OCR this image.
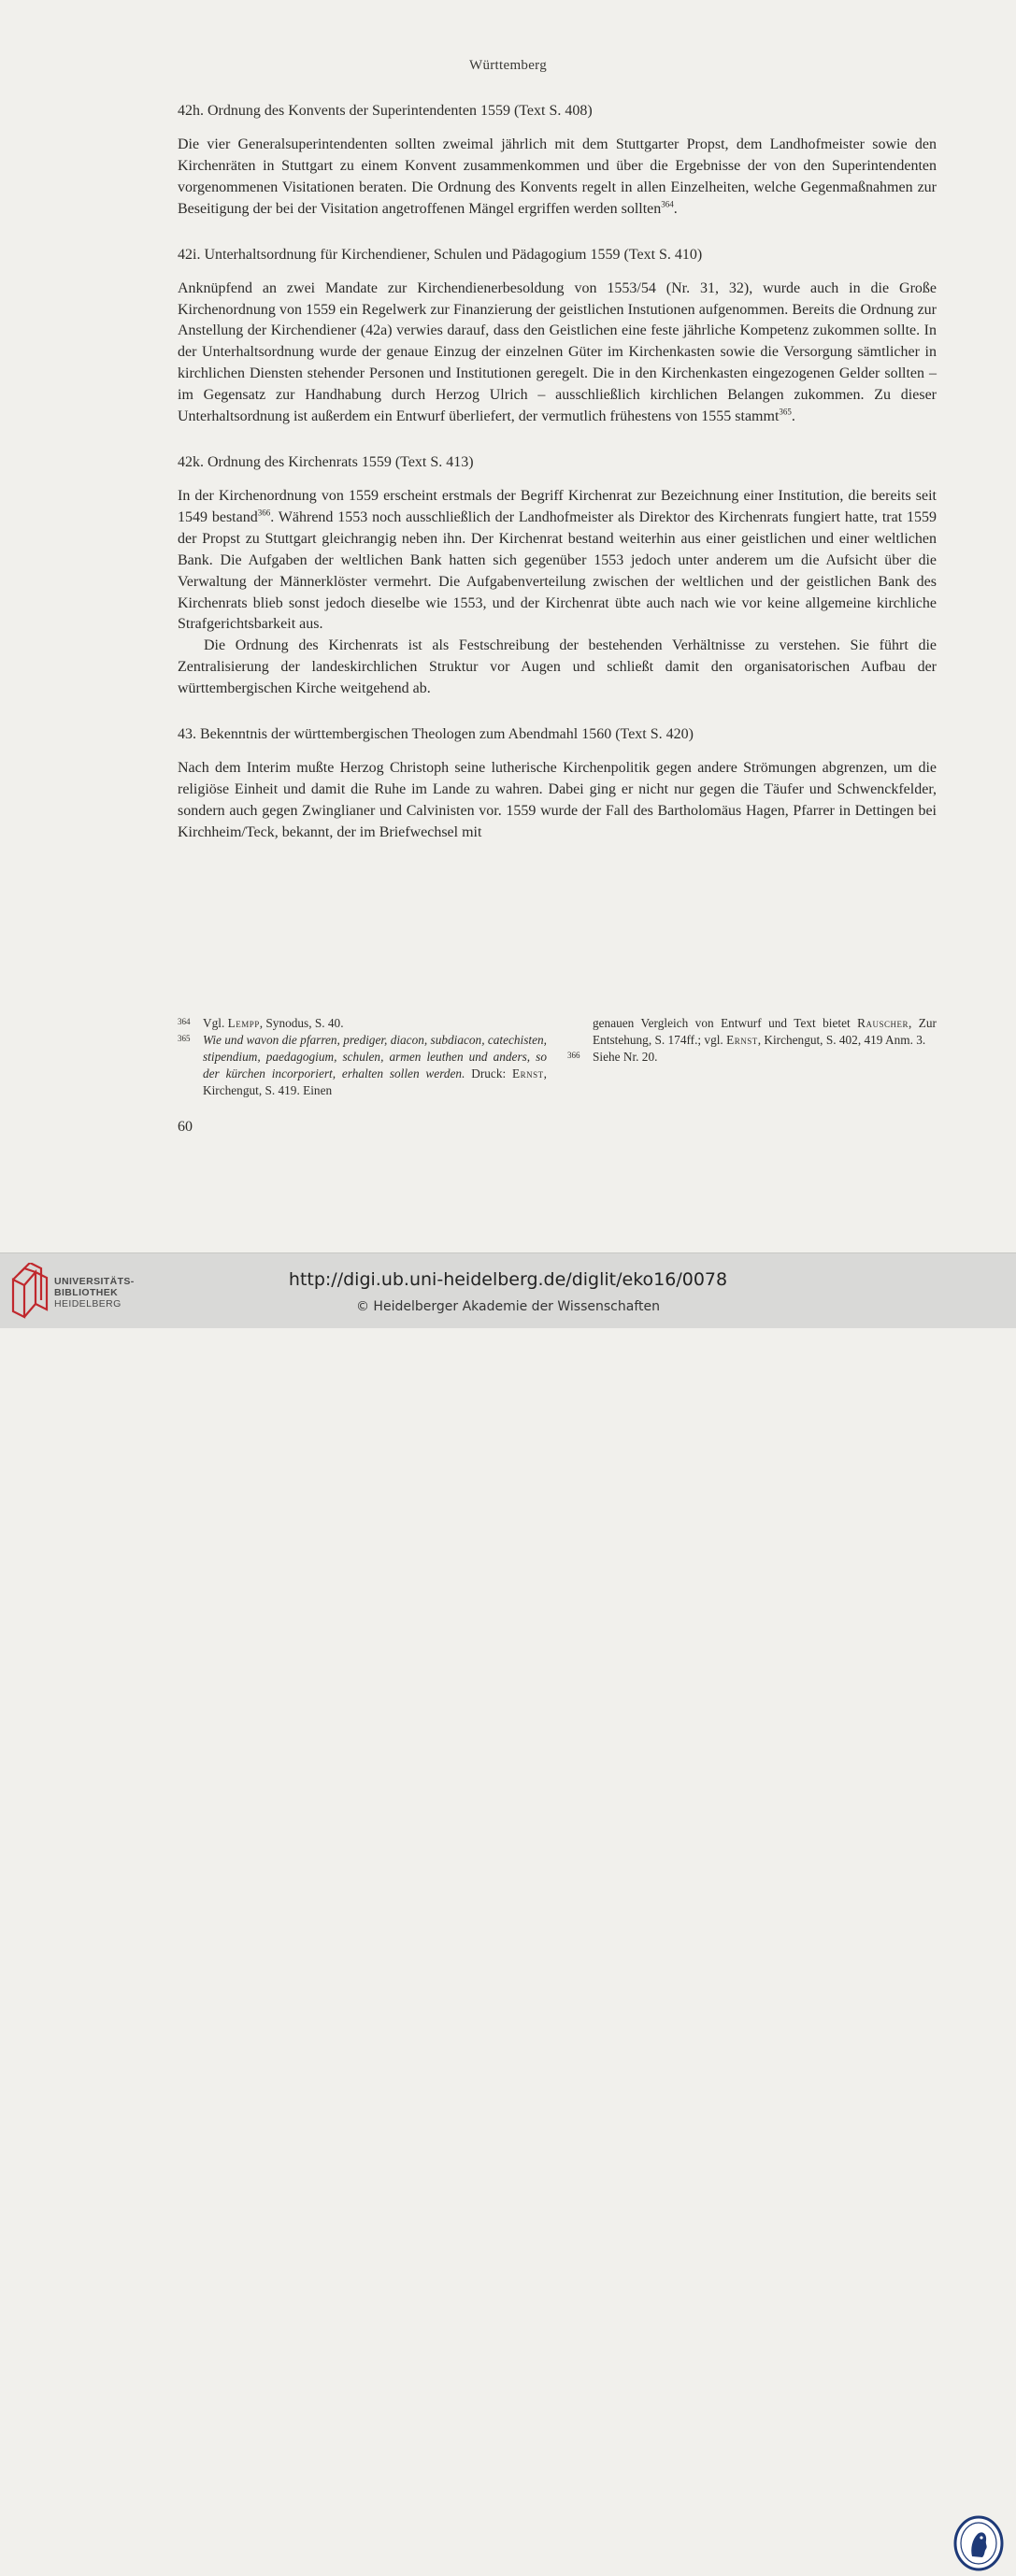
Württemberg
42h. Ordnung des Konvents der Superintendenten 1559 (Text S. 408)

Die vier Generalsuperintendenten sollten zweimal jährlich mit dem Stuttgarter Propst, dem Landhofmeister sowie den Kirchenräten in Stuttgart zu einem Konvent zusammenkommen und über die Ergebnisse der von den Superintendenten vorgenommenen Visitationen beraten. Die Ordnung des Konvents regelt in allen Einzelheiten, welche Gegenmaßnahmen zur Beseitigung der bei der Visitation angetroffenen Mängel ergriffen werden sollten$^{364}$.

42i. Unterhaltsordnung für Kirchendiener, Schulen und Pädagogium 1559 (Text S. 410)

Anknüpfend an zwei Mandate zur Kirchendienerbesoldung von 1553/54 (Nr. 31, 32), wurde auch in die Große Kirchenordnung von 1559 ein Regelwerk zur Finanzierung der geistlichen Instutionen aufgenommen. Bereits die Ordnung zur Anstellung der Kirchendiener (42a) verwies darauf, dass den Geistlichen eine feste jährliche Kompetenz zukommen sollte. In der Unterhaltsordnung wurde der genaue Einzug der einzelnen Güter im Kirchenkasten sowie die Versorgung sämtlicher in kirchlichen Diensten stehender Personen und Institutionen geregelt. Die in den Kirchenkasten eingezogenen Gelder sollten – im Gegensatz zur Handhabung durch Herzog Ulrich – ausschließlich kirchlichen Belangen zukommen. Zu dieser Unterhaltsordnung ist außerdem ein Entwurf überliefert, der vermutlich frühestens von 1555 stammt$^{365}$.

42k. Ordnung des Kirchenrats 1559 (Text S. 413)

In der Kirchenordnung von 1559 erscheint erstmals der Begriff Kirchenrat zur Bezeichnung einer Institution, die bereits seit 1549 bestand$^{366}$. Während 1553 noch ausschließlich der Landhofmeister als Direktor des Kirchenrats fungiert hatte, trat 1559 der Propst zu Stuttgart gleichrangig neben ihn. Der Kirchenrat bestand weiterhin aus einer geistlichen und einer weltlichen Bank. Die Aufgaben der weltlichen Bank hatten sich gegenüber 1553 jedoch unter anderem um die Aufsicht über die Verwaltung der Männerklöster vermehrt. Die Aufgabenverteilung zwischen der weltlichen und der geistlichen Bank des Kirchenrats blieb sonst jedoch dieselbe wie 1553, und der Kirchenrat übte auch nach wie vor keine allgemeine kirchliche Strafgerichtsbarkeit aus.

Die Ordnung des Kirchenrats ist als Festschreibung der bestehenden Verhältnisse zu verstehen. Sie führt die Zentralisierung der landeskirchlichen Struktur vor Augen und schließt damit den organisatorischen Aufbau der württembergischen Kirche weitgehend ab.

43. Bekenntnis der württembergischen Theologen zum Abendmahl 1560 (Text S. 420)

Nach dem Interim mußte Herzog Christoph seine lutherische Kirchenpolitik gegen andere Strömungen abgrenzen, um die religiöse Einheit und damit die Ruhe im Lande zu wahren. Dabei ging er nicht nur gegen die Täufer und Schwenckfelder, sondern auch gegen Zwinglianer und Calvinisten vor. 1559 wurde der Fall des Bartholomäus Hagen, Pfarrer in Dettingen bei Kirchheim/Teck, bekannt, der im Briefwechsel mit

364	Vgl. Lempp, Synodus, S. 40.
365	Wie und wavon die pfarren, prediger, diacon, subdiacon, catechisten, stipendium, paedagogium, schulen, armen leuthen und anders, so der kürchen incorporiert, erhalten sollen werden. Druck: Ernst, Kirchengut, S. 419. Einen
genauen Vergleich von Entwurf und Text bietet Rauscher, Zur Entstehung, S. 174ff.; vgl. Ernst, Kirchengut, S. 402, 419 Anm. 3.
366	Siehe Nr. 20.
60
UNIVERSITÄTS-
BIBLIOTHEK
HEIDELBERG
http://digi.ub.uni-heidelberg.de/diglit/eko16/0078
© Heidelberger Akademie der Wissenschaften
